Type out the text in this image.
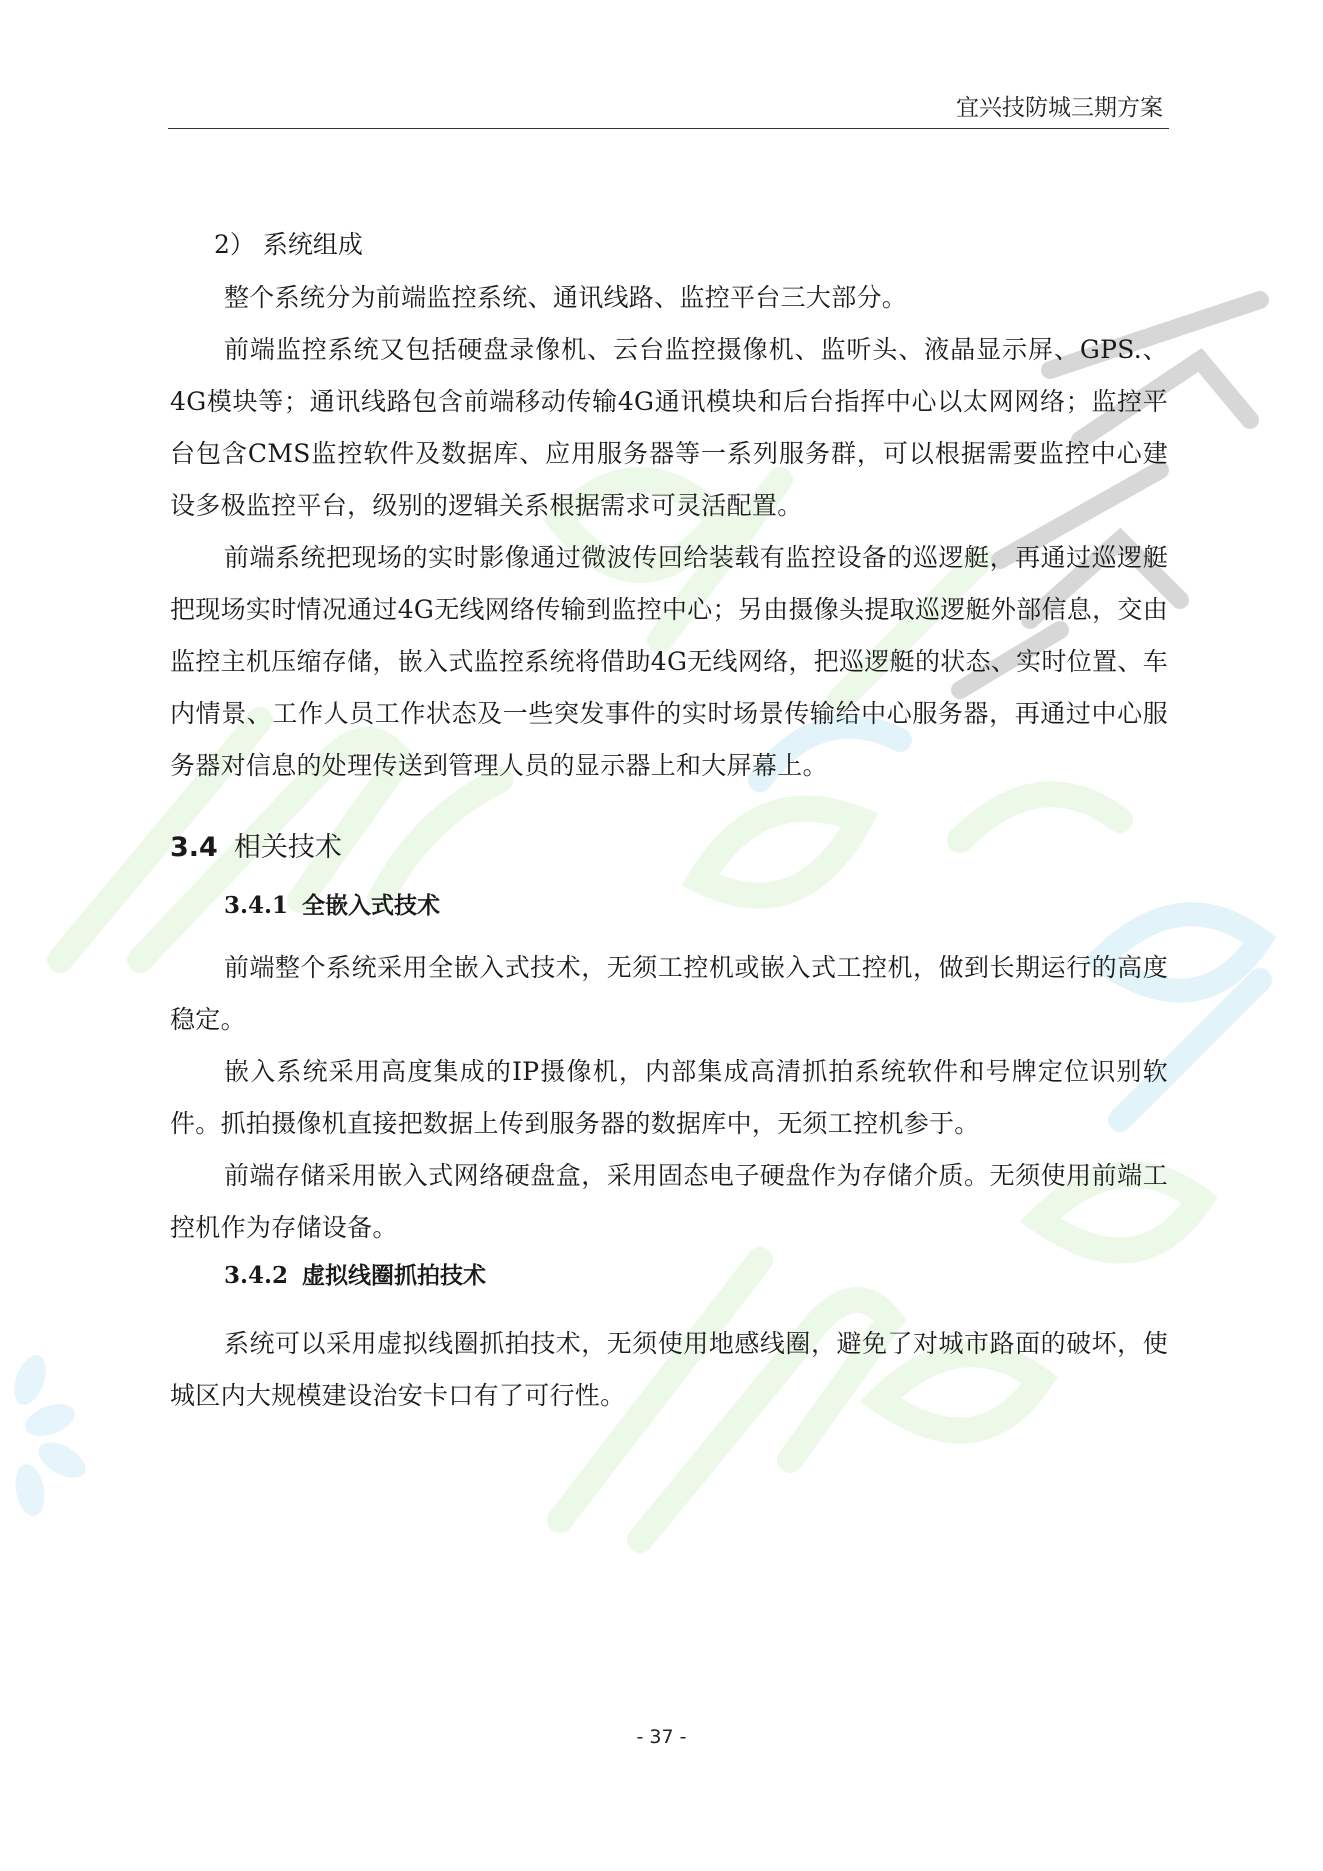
宜兴技防城三期方案
2） 系统组成

整个系统分为前端监控系统、通讯线路、监控平台三大部分。

前端监控系统又包括硬盘录像机、云台监控摄像机、监听头、液晶显示屏、GPS.、4G模块等；通讯线路包含前端移动传输4G通讯模块和后台指挥中心以太网网络；监控平台包含CMS监控软件及数据库、应用服务器等一系列服务群，可以根据需要监控中心建设多极监控平台，级别的逻辑关系根据需求可灵活配置。

前端系统把现场的实时影像通过微波传回给装载有监控设备的巡逻艇，再通过巡逻艇把现场实时情况通过4G无线网络传输到监控中心；另由摄像头提取巡逻艇外部信息，交由监控主机压缩存储，嵌入式监控系统将借助4G无线网络，把巡逻艇的状态、实时位置、车内情景、工作人员工作状态及一些突发事件的实时场景传输给中心服务器，再通过中心服务器对信息的处理传送到管理人员的显示器上和大屏幕上。

3.4 相关技术
3.4.1 全嵌入式技术

前端整个系统采用全嵌入式技术，无须工控机或嵌入式工控机，做到长期运行的高度稳定。

嵌入系统采用高度集成的IP摄像机，内部集成高清抓拍系统软件和号牌定位识别软件。抓拍摄像机直接把数据上传到服务器的数据库中，无须工控机参于。

前端存储采用嵌入式网络硬盘盒，采用固态电子硬盘作为存储介质。无须使用前端工控机作为存储设备。

3.4.2 虚拟线圈抓拍技术

系统可以采用虚拟线圈抓拍技术，无须使用地感线圈，避免了对城市路面的破坏，使城区内大规模建设治安卡口有了可行性。

- 37 -
